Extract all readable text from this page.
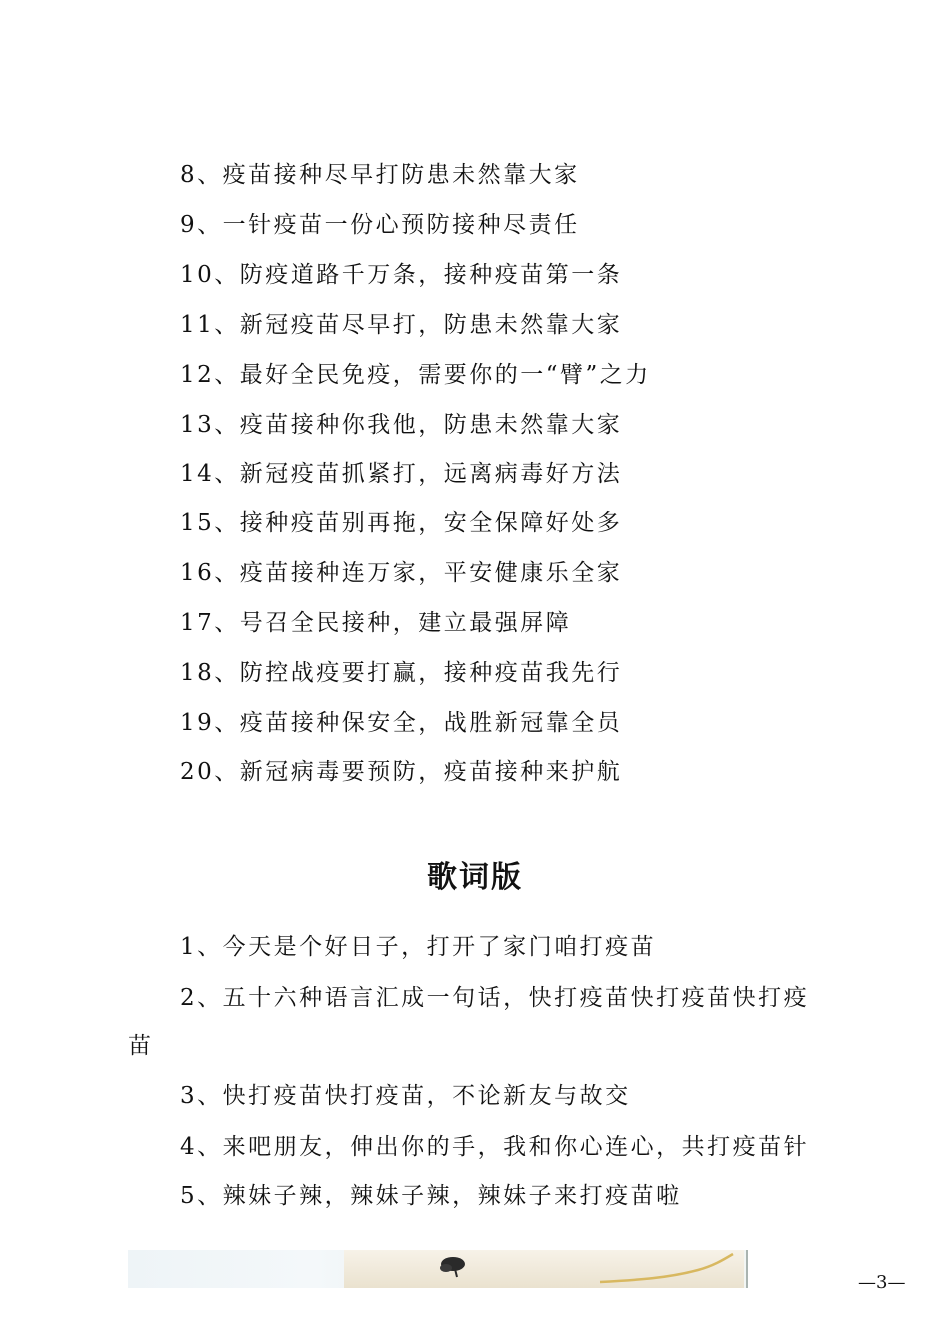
8、疫苗接种尽早打防患未然靠大家
9、一针疫苗一份心预防接种尽责任
10、防疫道路千万条，接种疫苗第一条
11、新冠疫苗尽早打，防患未然靠大家
12、最好全民免疫，需要你的一“臂”之力
13、疫苗接种你我他，防患未然靠大家
14、新冠疫苗抓紧打，远离病毒好方法
15、接种疫苗别再拖，安全保障好处多
16、疫苗接种连万家，平安健康乐全家
17、号召全民接种，建立最强屏障
18、防控战疫要打赢，接种疫苗我先行
19、疫苗接种保安全，战胜新冠靠全员
20、新冠病毒要预防，疫苗接种来护航
歌词版
1、今天是个好日子，打开了家门咱打疫苗
2、五十六种语言汇成一句话，快打疫苗快打疫苗快打疫
苗
3、快打疫苗快打疫苗，不论新友与故交
4、来吧朋友，伸出你的手，我和你心连心，共打疫苗针
5、辣妹子辣，辣妹子辣，辣妹子来打疫苗啦
—3—
